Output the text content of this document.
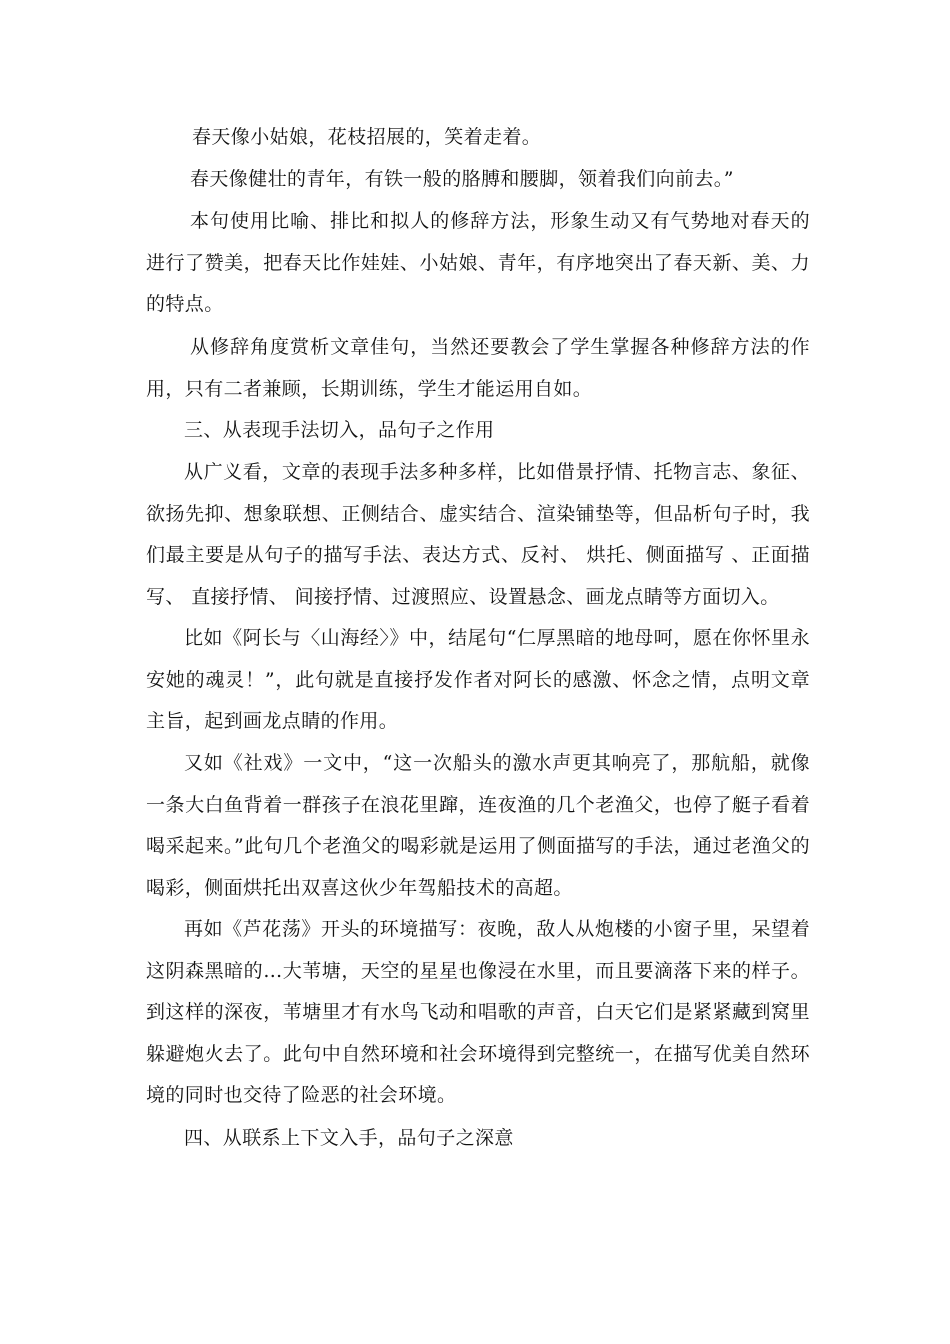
春天像小姑娘，花枝招展的，笑着走着。

春天像健壮的青年，有铁一般的胳膊和腰脚，领着我们向前去。”

本句使用比喻、排比和拟人的修辞方法，形象生动又有气势地对春天的进行了赞美，把春天比作娃娃、小姑娘、青年，有序地突出了春天新、美、力的特点。

从修辞角度赏析文章佳句，当然还要教会了学生掌握各种修辞方法的作用，只有二者兼顾，长期训练，学生才能运用自如。

三、从表现手法切入，品句子之作用

从广义看，文章的表现手法多种多样，比如借景抒情、托物言志、象征、欲扬先抑、想象联想、正侧结合、虚实结合、渲染铺垫等，但品析句子时，我们最主要是从句子的描写手法、表达方式、反衬、 烘托、侧面描写 、正面描写、 直接抒情、 间接抒情、过渡照应、设置悬念、画龙点睛等方面切入。

比如《阿长与〈山海经〉》中，结尾句“仁厚黑暗的地母呵，愿在你怀里永安她的魂灵！”，此句就是直接抒发作者对阿长的感激、怀念之情，点明文章主旨，起到画龙点睛的作用。

又如《社戏》一文中，“这一次船头的激水声更其响亮了，那航船，就像一条大白鱼背着一群孩子在浪花里蹿，连夜渔的几个老渔父，也停了艇子看着喝采起来。”此句几个老渔父的喝彩就是运用了侧面描写的手法，通过老渔父的喝彩，侧面烘托出双喜这伙少年驾船技术的高超。

再如《芦花荡》开头的环境描写：夜晚，敌人从炮楼的小窗子里，呆望着这阴森黑暗的…大苇塘，天空的星星也像浸在水里，而且要滴落下来的样子。到这样的深夜，苇塘里才有水鸟飞动和唱歌的声音，白天它们是紧紧藏到窝里躲避炮火去了。此句中自然环境和社会环境得到完整统一，在描写优美自然环境的同时也交待了险恶的社会环境。

四、从联系上下文入手，品句子之深意
